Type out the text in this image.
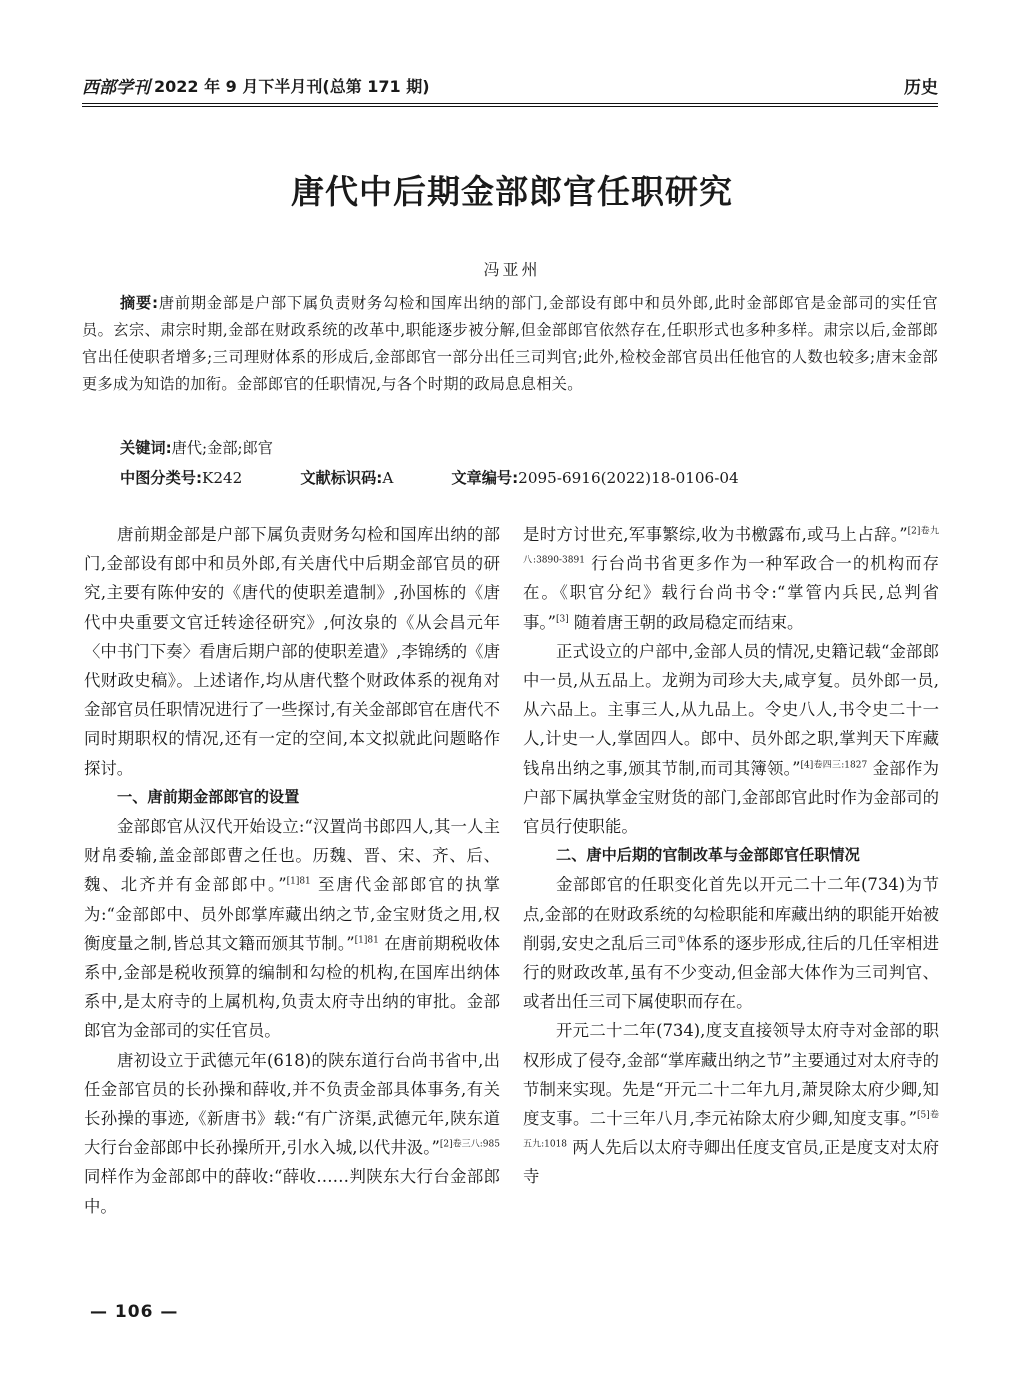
西部学刊 2022 年 9 月下半月刊(总第 171 期)	历史
唐代中后期金部郎官任职研究
冯亚州
摘要:唐前期金部是户部下属负责财务勾检和国库出纳的部门,金部设有郎中和员外郎,此时金部郎官是金部司的实任官员。玄宗、肃宗时期,金部在财政系统的改革中,职能逐步被分解,但金部郎官依然存在,任职形式也多种多样。肃宗以后,金部郎官出任使职者增多;三司理财体系的形成后,金部郎官一部分出任三司判官;此外,检校金部官员出任他官的人数也较多;唐末金部更多成为知诰的加衔。金部郎官的任职情况,与各个时期的政局息息相关。
关键词:唐代;金部;郎官
中图分类号:K242	文献标识码:A	文章编号:2095-6916(2022)18-0106-04

唐前期金部是户部下属负责财务勾检和国库出纳的部门,金部设有郎中和员外郎,有关唐代中后期金部官员的研究,主要有陈仲安的《唐代的使职差遣制》,孙国栋的《唐代中央重要文官迁转途径研究》,何汝泉的《从会昌元年〈中书门下奏〉看唐后期户部的使职差遣》,李锦绣的《唐代财政史稿》。上述诸作,均从唐代整个财政体系的视角对金部官员任职情况进行了一些探讨,有关金部郎官在唐代不同时期职权的情况,还有一定的空间,本文拟就此问题略作探讨。

一、唐前期金部郎官的设置

金部郎官从汉代开始设立:“汉置尚书郎四人,其一人主财帛委输,盖金部郎曹之任也。历魏、晋、宋、齐、后、魏、北齐并有金部郎中。”$^{[1]81}$ 至唐代金部郎官的执掌为:“金部郎中、员外郎掌库藏出纳之节,金宝财货之用,权衡度量之制,皆总其文籍而颁其节制。”$^{[1]81}$ 在唐前期税收体系中,金部是税收预算的编制和勾检的机构,在国库出纳体系中,是太府寺的上属机构,负责太府寺出纳的审批。金部郎官为金部司的实任官员。

唐初设立于武德元年(618)的陕东道行台尚书省中,出任金部官员的长孙操和薛收,并不负责金部具体事务,有关长孙操的事迹,《新唐书》载:“有广济渠,武德元年,陕东道大行台金部郎中长孙操所开,引水入城,以代井汲。”$^{[2]卷三八:985}$ 同样作为金部郎中的薛收:“薛收……判陕东大行台金部郎中。

是时方讨世充,军事繁综,收为书檄露布,或马上占辞。”$^{[2]卷九八:3890-3891}$ 行台尚书省更多作为一种军政合一的机构而存在。《职官分纪》载行台尚书令:“掌管内兵民,总判省事。”[3] 随着唐王朝的政局稳定而结束。

正式设立的户部中,金部人员的情况,史籍记载“金部郎中一员,从五品上。龙朔为司珍大夫,咸亨复。员外郎一员,从六品上。主事三人,从九品上。令史八人,书令史二十一人,计史一人,掌固四人。郎中、员外郎之职,掌判天下库藏钱帛出纳之事,颁其节制,而司其簿领。”$^{[4]卷四三:1827}$ 金部作为户部下属执掌金宝财货的部门,金部郎官此时作为金部司的官员行使职能。

二、唐中后期的官制改革与金部郎官任职情况

金部郎官的任职变化首先以开元二十二年(734)为节点,金部的在财政系统的勾检职能和库藏出纳的职能开始被削弱,安史之乱后三司①体系的逐步形成,往后的几任宰相进行的财政改革,虽有不少变动,但金部大体作为三司判官、或者出任三司下属使职而存在。

开元二十二年(734),度支直接领导太府寺对金部的职权形成了侵夺,金部“掌库藏出纳之节”主要通过对太府寺的节制来实现。先是“开元二十二年九月,萧炅除太府少卿,知度支事。二十三年八月,李元祐除太府少卿,知度支事。”$^{[5]卷五九:1018}$ 两人先后以太府寺卿出任度支官员,正是度支对太府寺

— 106 —
